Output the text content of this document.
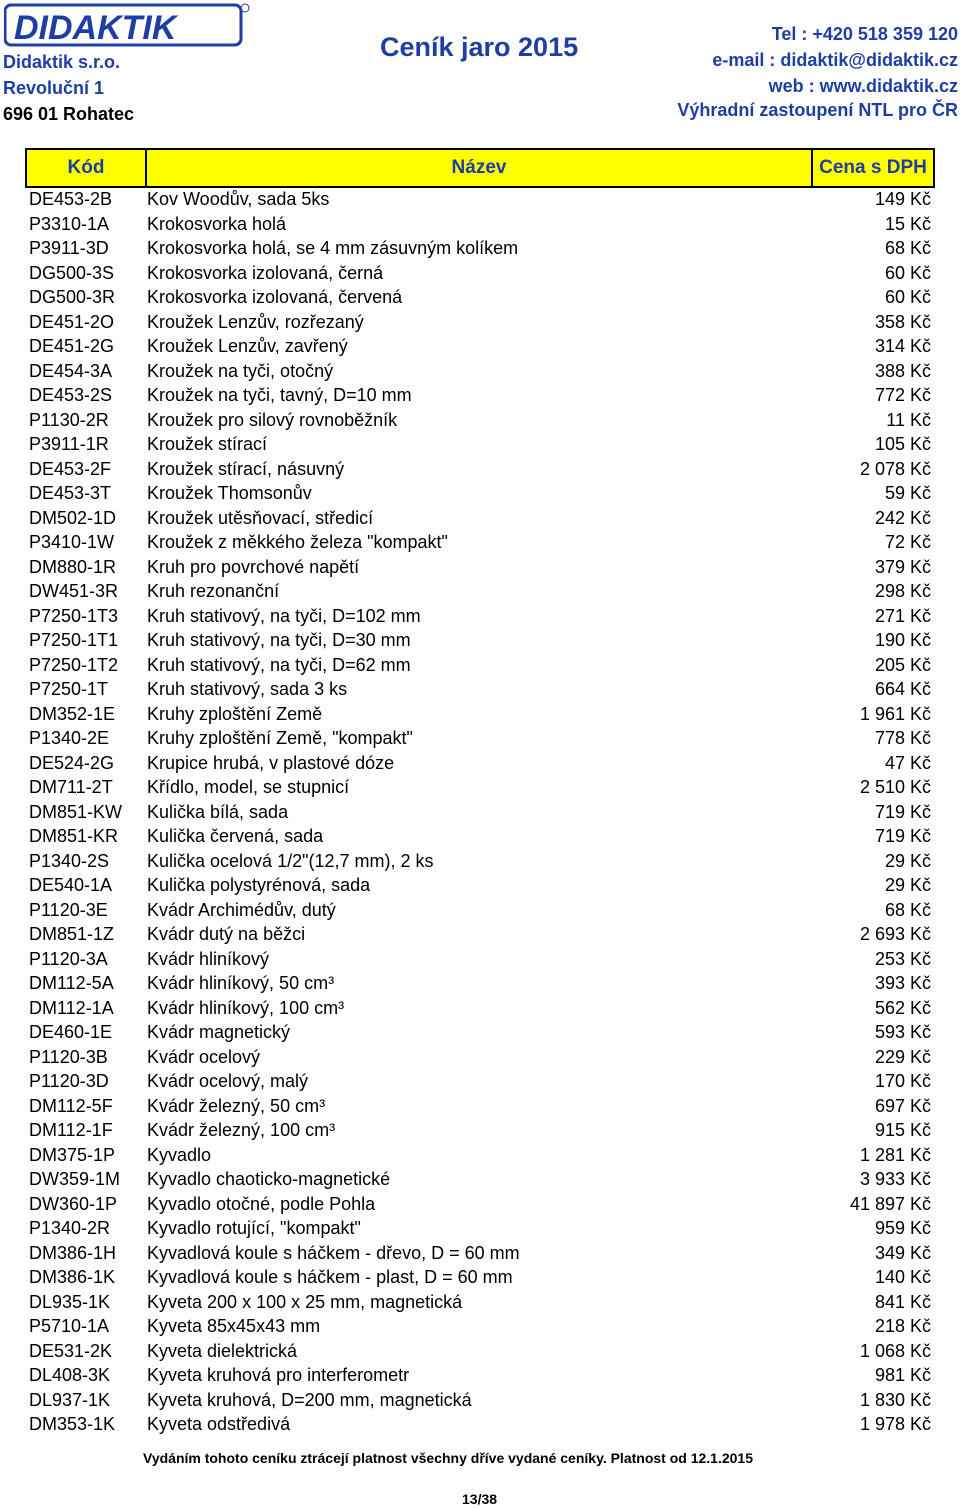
DIDAKTIK
Didaktik s.r.o.
Revoluční 1
696 01 Rohatec
Ceník jaro 2015	Tel : +420 518 359 120
e-mail : didaktik@didaktik.cz
web : www.didaktik.cz
Výhradní zastoupení NTL pro ČR
Kód	Název	Cena s DPH
DE453-2B Kov Woodův, sada 5ks	149 Kč
P3310-1A Krokosvorka holá	15 Kč
P3911-3D Krokosvorka holá, se 4 mm zásuvným kolíkem	68 Kč
DG500-3S Krokosvorka izolovaná, černá	60 Kč
DG500-3R Krokosvorka izolovaná, červená	60 Kč
DE451-2O Kroužek Lenzův, rozřezaný	358 Kč
DE451-2G Kroužek Lenzův, zavřený	314 Kč
DE454-3A Kroužek na tyči, otočný	388 Kč
DE453-2S Kroužek na tyči, tavný, D=10 mm	772 Kč
P1130-2R Kroužek pro silový rovnoběžník	11 Kč
P3911-1R Kroužek stírací	105 Kč
DE453-2F Kroužek stírací, násuvný	2 078 Kč
DE453-3T Kroužek Thomsonův	59 Kč
DM502-1D Kroužek utěsňovací, středicí	242 Kč
P3410-1W Kroužek z měkkého železa "kompakt"	72 Kč
DM880-1R Kruh pro povrchové napětí	379 Kč
DW451-3R Kruh rezonanční	298 Kč
P7250-1T3 Kruh stativový, na tyči, D=102 mm	271 Kč
P7250-1T1 Kruh stativový, na tyči, D=30 mm	190 Kč
P7250-1T2 Kruh stativový, na tyči, D=62 mm	205 Kč
P7250-1T Kruh stativový, sada 3 ks	664 Kč
DM352-1E Kruhy zploštění Země	1 961 Kč
P1340-2E Kruhy zploštění Země, "kompakt"	778 Kč
DE524-2G Krupice hrubá, v plastové dóze	47 Kč
DM711-2T Křídlo, model, se stupnicí	2 510 Kč
DM851-KW Kulička bílá, sada	719 Kč
DM851-KR Kulička červená, sada	719 Kč
P1340-2S Kulička ocelová 1/2"(12,7 mm), 2 ks	29 Kč
DE540-1A Kulička polystyrénová, sada	29 Kč
P1120-3E Kvádr Archimédův, dutý	68 Kč
DM851-1Z Kvádr dutý na běžci	2 693 Kč
P1120-3A Kvádr hliníkový	253 Kč
DM112-5A Kvádr hliníkový, 50 cm³	393 Kč
DM112-1A Kvádr hliníkový, 100 cm³	562 Kč
DE460-1E Kvádr magnetický	593 Kč
P1120-3B Kvádr ocelový	229 Kč
P1120-3D Kvádr ocelový, malý	170 Kč
DM112-5F Kvádr železný, 50 cm³	697 Kč
DM112-1F Kvádr železný, 100 cm³	915 Kč
DM375-1P Kyvadlo	1 281 Kč
DW359-1M Kyvadlo chaoticko-magnetické	3 933 Kč
DW360-1P Kyvadlo otočné, podle Pohla	41 897 Kč
P1340-2R Kyvadlo rotující, "kompakt"	959 Kč
DM386-1H Kyvadlová koule s háčkem - dřevo, D = 60 mm	349 Kč
DM386-1K Kyvadlová koule s háčkem - plast, D = 60 mm	140 Kč
DL935-1K Kyveta 200 x 100 x 25 mm, magnetická	841 Kč
P5710-1A Kyveta 85x45x43 mm	218 Kč
DE531-2K Kyveta dielektrická	1 068 Kč
DL408-3K Kyveta kruhová pro interferometr	981 Kč
DL937-1K Kyveta kruhová, D=200 mm, magnetická	1 830 Kč
DM353-1K Kyveta odstředivá	1 978 Kč
Vydáním tohoto ceníku ztrácejí platnost všechny dříve vydané ceníky. Platnost od 12.1.2015
13/38
